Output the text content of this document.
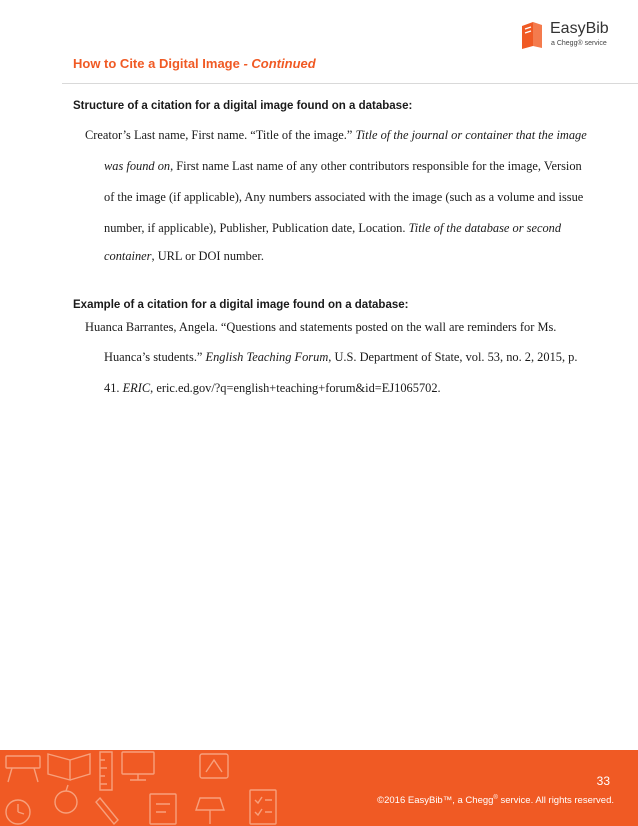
EasyBib
a Chegg® service
How to Cite a Digital Image - Continued
Structure of a citation for a digital image found on a database:
Creator’s Last name, First name. “Title of the image.” Title of the journal or container that the image
was found on, First name Last name of any other contributors responsible for the image, Version
of the image (if applicable), Any numbers associated with the image (such as a volume and issue
number, if applicable), Publisher, Publication date, Location. Title of the database or second
container, URL or DOI number.
Example of a citation for a digital image found on a database:
Huanca Barrantes, Angela. “Questions and statements posted on the wall are reminders for Ms.
Huanca’s students.” English Teaching Forum, U.S. Department of State, vol. 53, no. 2, 2015, p.
41. ERIC, eric.ed.gov/?q=english+teaching+forum&id=EJ1065702.
33
©2016 EasyBib™, a Chegg® service. All rights reserved.
